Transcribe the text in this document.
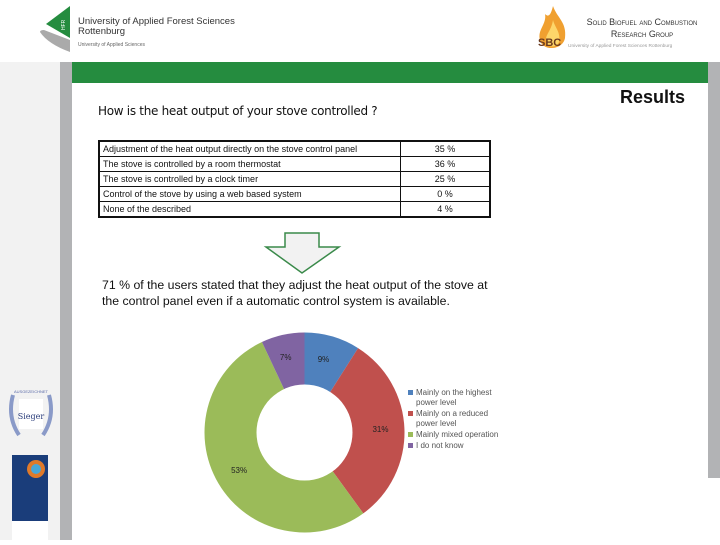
HFR University of Applied Forest Sciences
Rottenburg
University of Applied Sciences	SBC
Solid Biofuel and Combustion
Research Group
University of Applied Forest Sciences Rottenburg
Results
How is the heat output of your stove controlled ?
Adjustment of the heat output directly on the stove control panel	35 %
The stove is controlled by a room thermostat	36 %
The stove is controlled by a clock timer	25 %
Control of the stove by using a web based system	0 %
None of the described	4 %
71 % of the users stated that they adjust the heat output of the stove at the control panel even if a automatic control system is available.
9%
31%
53%
7%
Mainly on the highest power level
Mainly on a reduced power level
Mainly mixed operation
I do not know
Sieger
AUSGEZEICHNET
